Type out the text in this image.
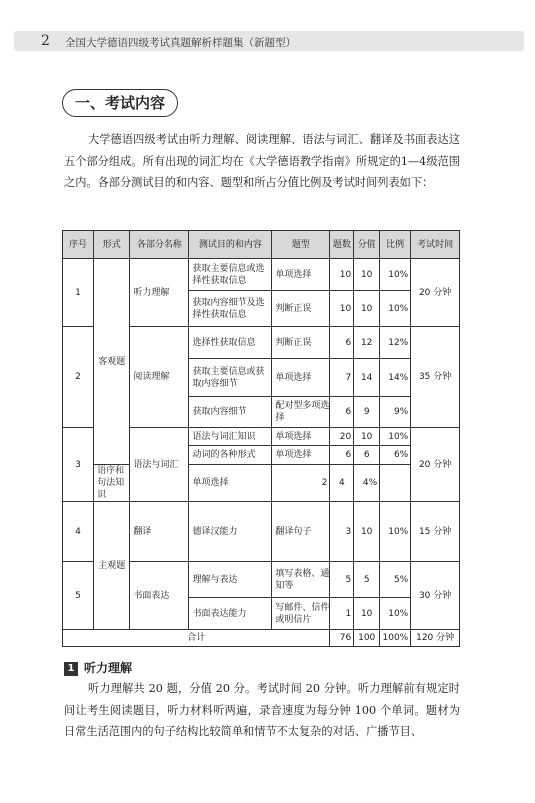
2 全国大学德语四级考试真题解析样题集（新题型）
一、考试内容
大学德语四级考试由听力理解、阅读理解、语法与词汇、翻译及书面表达这五个部分组成。所有出现的词汇均在《大学德语教学指南》所规定的1—4级范围之内。各部分测试目的和内容、题型和所占分值比例及考试时间列表如下：
序号	形式	各部分名称	测试目的和内容	题型	题数	分值	比例	考试时间
1	客观题	听力理解	获取主要信息或选择性获取信息	单项选择	10	10	10%	20 分钟
			获取内容细节及选择性获取信息	判断正误	10	10	10%	
2		阅读理解	选择性获取信息	判断正误	6	12	12%	35 分钟
			获取主要信息或获取内容细节	单项选择	7	14	14%	
			获取内容细节	配对型多项选择	6	9	9%	
3		语法与词汇	语法与词汇知识	单项选择	20	10	10%	20 分钟
			动词的各种形式	单项选择	6	6	6%	
	语序和句法知识		单项选择	2	4	4%		
4	主观题	翻译	德译汉能力	翻译句子	3	10	10%	15 分钟
5		书面表达	理解与表达	填写表格、通知等	5	5	5%	30 分钟
			书面表达能力	写邮件、信件或明信片	1	10	10%	
合计					76	100	100%	120 分钟
1 听力理解
听力理解共 20 题，分值 20 分。考试时间 20 分钟。听力理解前有规定时间让考生阅读题目，听力材料听两遍，录音速度为每分钟 100 个单词。题材为日常生活范围内的句子结构比较简单和情节不太复杂的对话、广播节目、
